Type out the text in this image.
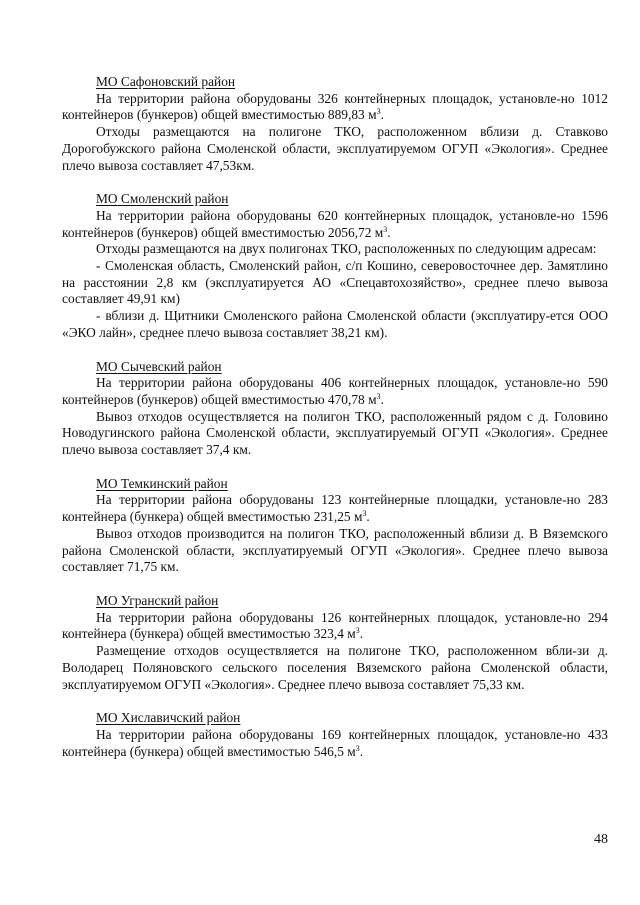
МО Сафоновский район

На территории района оборудованы 326 контейнерных площадок, установле-но 1012 контейнеров (бункеров) общей вместимостью 889,83 $м^3$.

Отходы размещаются на полигоне ТКО, расположенном вблизи д. Ставково Дорогобужского района Смоленской области, эксплуатируемом ОГУП «Экология». Среднее плечо вывоза составляет 47,53км.

МО Смоленский район

На территории района оборудованы 620 контейнерных площадок, установле-но 1596 контейнеров (бункеров) общей вместимостью 2056,72 $м^3$.

Отходы размещаются на двух полигонах ТКО, расположенных по следующим адресам:

- Смоленская область, Смоленский район, с/п Кошино, северовосточнее дер. Замятлино на расстоянии 2,8 км (эксплуатируется АО «Спецавтохозяйство», среднее плечо вывоза составляет 49,91 км)

- вблизи д. Щитники Смоленского района Смоленской области (эксплуатиру-ется ООО «ЭКО лайн», среднее плечо вывоза составляет 38,21 км).

МО Сычевский район

На территории района оборудованы 406 контейнерных площадок, установле-но 590 контейнеров (бункеров) общей вместимостью 470,78 $м^3$.

Вывоз отходов осуществляется на полигон ТКО, расположенный рядом с д. Головино Новодугинского района Смоленской области, эксплуатируемый ОГУП «Экология». Среднее плечо вывоза составляет 37,4 км.

МО Темкинский район

На территории района оборудованы 123 контейнерные площадки, установле-но 283 контейнера (бункера) общей вместимостью 231,25 $м^3$.

Вывоз отходов производится на полигон ТКО, расположенный вблизи д. В Вяземского района Смоленской области, эксплуатируемый ОГУП «Экология». Среднее плечо вывоза составляет 71,75 км.

МО Угранский район

На территории района оборудованы 126 контейнерных площадок, установле-но 294 контейнера (бункера) общей вместимостью 323,4 $м^3$.

Размещение отходов осуществляется на полигоне ТКО, расположенном вбли-зи д. Володарец Поляновского сельского поселения Вяземского района Смоленской области, эксплуатируемом ОГУП «Экология». Среднее плечо вывоза составляет 75,33 км.

МО Хиславичский район

На территории района оборудованы 169 контейнерных площадок, установле-но 433 контейнера (бункера) общей вместимостью 546,5 $м^3$.

48
